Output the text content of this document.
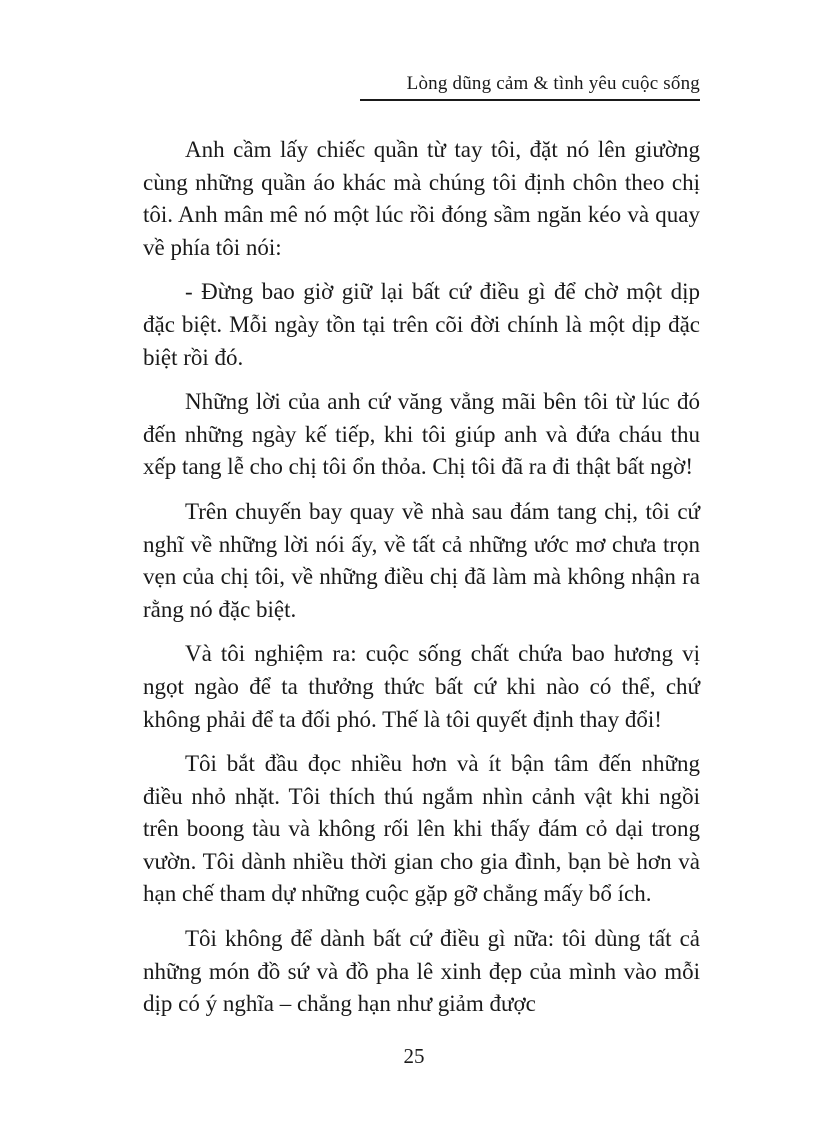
Lòng dũng cảm & tình yêu cuộc sống

Anh cầm lấy chiếc quần từ tay tôi, đặt nó lên giường cùng những quần áo khác mà chúng tôi định chôn theo chị tôi. Anh mân mê nó một lúc rồi đóng sầm ngăn kéo và quay về phía tôi nói:

- Đừng bao giờ giữ lại bất cứ điều gì để chờ một dịp đặc biệt. Mỗi ngày tồn tại trên cõi đời chính là một dịp đặc biệt rồi đó.

Những lời của anh cứ văng vẳng mãi bên tôi từ lúc đó đến những ngày kế tiếp, khi tôi giúp anh và đứa cháu thu xếp tang lễ cho chị tôi ổn thỏa. Chị tôi đã ra đi thật bất ngờ!

Trên chuyến bay quay về nhà sau đám tang chị, tôi cứ nghĩ về những lời nói ấy, về tất cả những ước mơ chưa trọn vẹn của chị tôi, về những điều chị đã làm mà không nhận ra rằng nó đặc biệt.

Và tôi nghiệm ra: cuộc sống chất chứa bao hương vị ngọt ngào để ta thưởng thức bất cứ khi nào có thể, chứ không phải để ta đối phó. Thế là tôi quyết định thay đổi!

Tôi bắt đầu đọc nhiều hơn và ít bận tâm đến những điều nhỏ nhặt. Tôi thích thú ngắm nhìn cảnh vật khi ngồi trên boong tàu và không rối lên khi thấy đám cỏ dại trong vườn. Tôi dành nhiều thời gian cho gia đình, bạn bè hơn và hạn chế tham dự những cuộc gặp gỡ chẳng mấy bổ ích.

Tôi không để dành bất cứ điều gì nữa: tôi dùng tất cả những món đồ sứ và đồ pha lê xinh đẹp của mình vào mỗi dịp có ý nghĩa – chẳng hạn như giảm được

25
